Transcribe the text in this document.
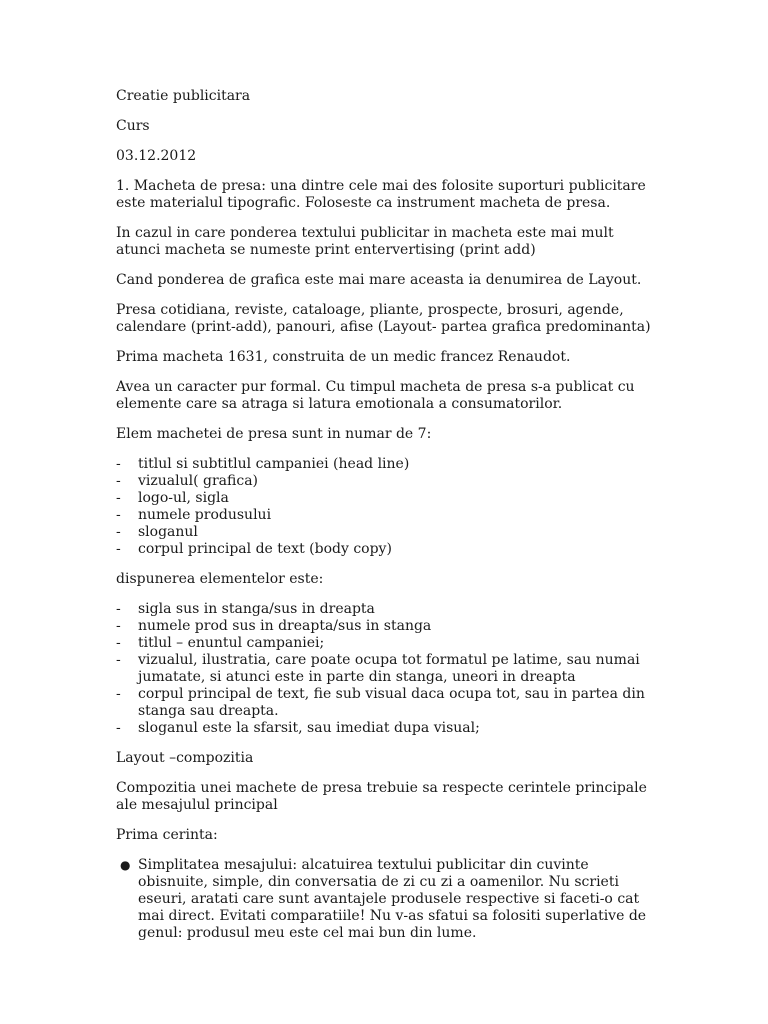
Creatie publicitara

Curs

03.12.2012

1. Macheta de presa: una dintre cele mai des folosite suporturi publicitare este materialul tipografic. Foloseste ca instrument macheta de presa.

In cazul in care ponderea textului publicitar in macheta este mai mult atunci macheta se numeste print entervertising (print add)

Cand ponderea de grafica este mai mare aceasta ia denumirea de Layout.

Presa cotidiana, reviste, cataloage, pliante, prospecte, brosuri, agende, calendare (print-add), panouri, afise (Layout- partea grafica predominanta)

Prima macheta 1631, construita de un medic francez Renaudot.

Avea un caracter pur formal. Cu timpul macheta de presa s-a publicat cu elemente care sa atraga si latura emotionala a consumatorilor.

Elem machetei de presa sunt in numar de 7:

- titlul si subtitlul campaniei (head line)
- vizualul( grafica)
- logo-ul, sigla
- numele produsului
- sloganul
- corpul principal de text (body copy)

dispunerea elementelor este:

- sigla sus in stanga/sus in dreapta
- numele prod sus in dreapta/sus in stanga
- titlul – enuntul campaniei;
- vizualul, ilustratia, care poate ocupa tot formatul pe latime, sau numai jumatate, si atunci este in parte din stanga, uneori in dreapta
- corpul principal de text, fie sub visual daca ocupa tot, sau in partea din stanga sau dreapta.
- sloganul este la sfarsit, sau imediat dupa visual;

Layout –compozitia

Compozitia unei machete de presa trebuie sa respecte cerintele principale ale mesajulul principal

Prima cerinta:

● Simplitatea mesajului: alcatuirea textului publicitar din cuvinte obisnuite, simple, din conversatia de zi cu zi a oamenilor. Nu scrieti eseuri, aratati care sunt avantajele produsele respective si faceti-o cat mai direct. Evitati comparatiile! Nu v-as sfatui sa folositi superlative de genul: produsul meu este cel mai bun din lume.
